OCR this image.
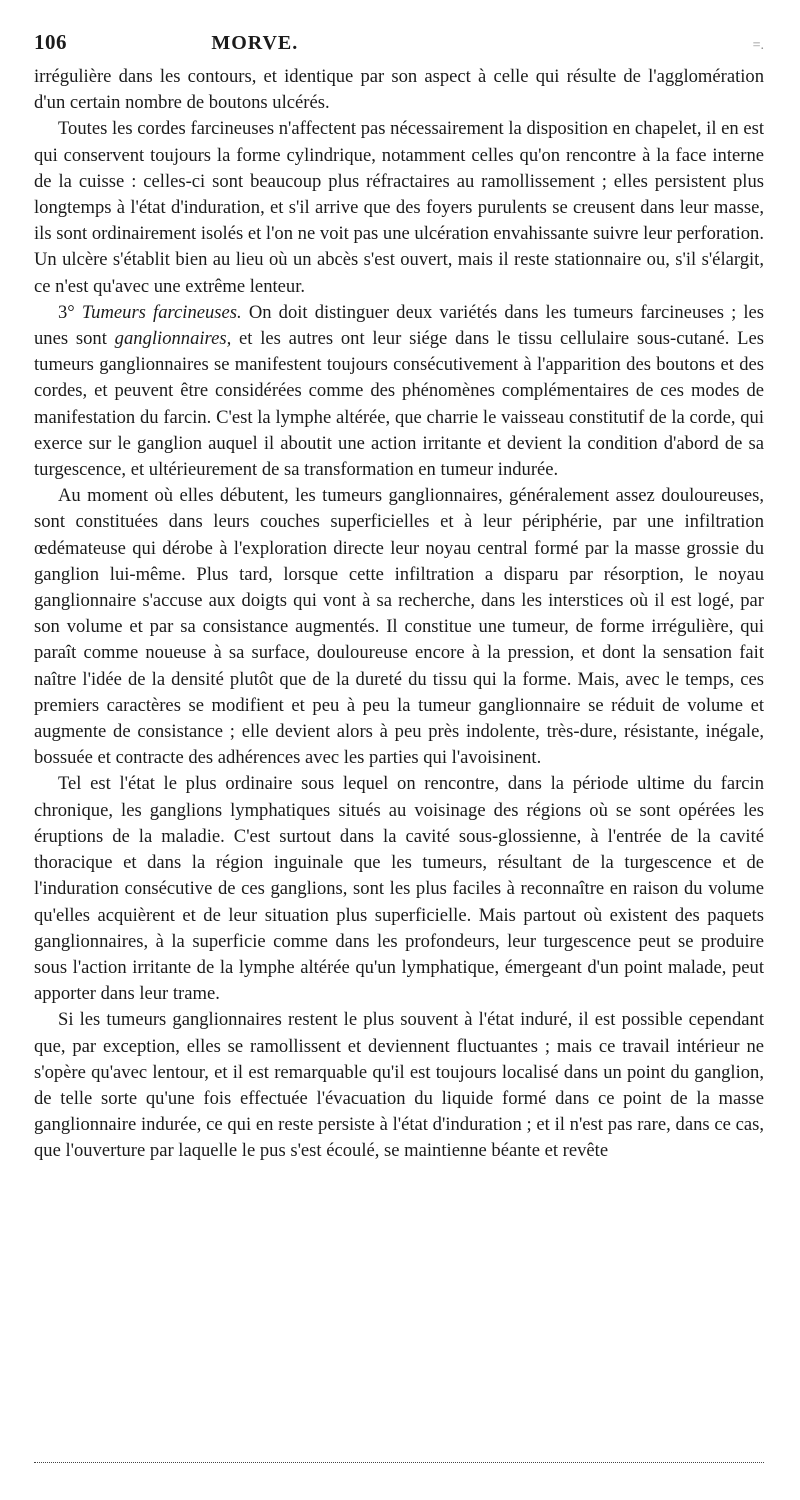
106	MORVE.	=.

irrégulière dans les contours, et identique par son aspect à celle qui résulte de l'agglomération d'un certain nombre de boutons ulcérés.

Toutes les cordes farcineuses n'affectent pas nécessairement la disposition en chapelet, il en est qui conservent toujours la forme cylindrique, notamment celles qu'on rencontre à la face interne de la cuisse : celles-ci sont beaucoup plus réfractaires au ramollissement ; elles persistent plus longtemps à l'état d'induration, et s'il arrive que des foyers purulents se creusent dans leur masse, ils sont ordinairement isolés et l'on ne voit pas une ulcération envahissante suivre leur perforation. Un ulcère s'établit bien au lieu où un abcès s'est ouvert, mais il reste stationnaire ou, s'il s'élargit, ce n'est qu'avec une extrême lenteur.

3° Tumeurs farcineuses. On doit distinguer deux variétés dans les tumeurs farcineuses ; les unes sont ganglionnaires, et les autres ont leur siége dans le tissu cellulaire sous-cutané. Les tumeurs ganglionnaires se manifestent toujours consécutivement à l'apparition des boutons et des cordes, et peuvent être considérées comme des phénomènes complémentaires de ces modes de manifestation du farcin. C'est la lymphe altérée, que charrie le vaisseau constitutif de la corde, qui exerce sur le ganglion auquel il aboutit une action irritante et devient la condition d'abord de sa turgescence, et ultérieurement de sa transformation en tumeur indurée.

Au moment où elles débutent, les tumeurs ganglionnaires, généralement assez douloureuses, sont constituées dans leurs couches superficielles et à leur périphérie, par une infiltration œdémateuse qui dérobe à l'exploration directe leur noyau central formé par la masse grossie du ganglion lui-même. Plus tard, lorsque cette infiltration a disparu par résorption, le noyau ganglionnaire s'accuse aux doigts qui vont à sa recherche, dans les interstices où il est logé, par son volume et par sa consistance augmentés. Il constitue une tumeur, de forme irrégulière, qui paraît comme noueuse à sa surface, douloureuse encore à la pression, et dont la sensation fait naître l'idée de la densité plutôt que de la dureté du tissu qui la forme. Mais, avec le temps, ces premiers caractères se modifient et peu à peu la tumeur ganglionnaire se réduit de volume et augmente de consistance ; elle devient alors à peu près indolente, très-dure, résistante, inégale, bossuée et contracte des adhérences avec les parties qui l'avoisinent.

Tel est l'état le plus ordinaire sous lequel on rencontre, dans la période ultime du farcin chronique, les ganglions lymphatiques situés au voisinage des régions où se sont opérées les éruptions de la maladie. C'est surtout dans la cavité sous-glossienne, à l'entrée de la cavité thoracique et dans la région inguinale que les tumeurs, résultant de la turgescence et de l'induration consécutive de ces ganglions, sont les plus faciles à reconnaître en raison du volume qu'elles acquièrent et de leur situation plus superficielle. Mais partout où existent des paquets ganglionnaires, à la superficie comme dans les profondeurs, leur turgescence peut se produire sous l'action irritante de la lymphe altérée qu'un lymphatique, émergeant d'un point malade, peut apporter dans leur trame.

Si les tumeurs ganglionnaires restent le plus souvent à l'état induré, il est possible cependant que, par exception, elles se ramollissent et deviennent fluctuantes ; mais ce travail intérieur ne s'opère qu'avec lentour, et il est remarquable qu'il est toujours localisé dans un point du ganglion, de telle sorte qu'une fois effectuée l'évacuation du liquide formé dans ce point de la masse ganglionnaire indurée, ce qui en reste persiste à l'état d'induration ; et il n'est pas rare, dans ce cas, que l'ouverture par laquelle le pus s'est écoulé, se maintienne béante et revête
